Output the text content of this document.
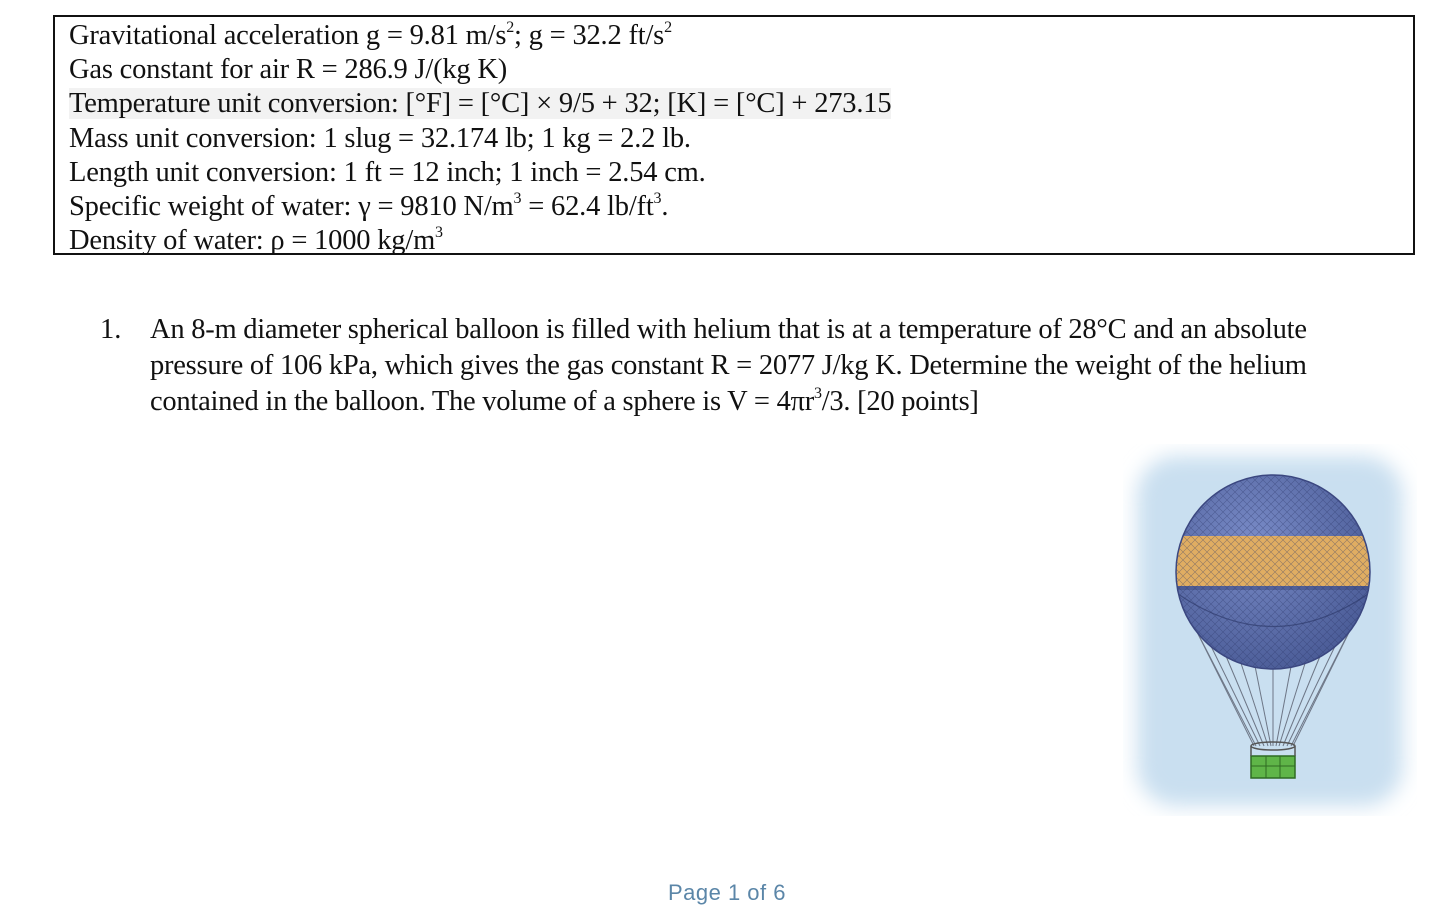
Gravitational acceleration g = 9.81 $m/s^2$; g = 32.2 $ft/s^2$
Gas constant for air R = 286.9 J/(kg K)
Temperature unit conversion: [°F] = [°C] × 9/5 + 32; [K] = [°C] + 273.15
Mass unit conversion: 1 slug = 32.174 lb; 1 kg = 2.2 lb.
Length unit conversion: 1 ft = 12 inch; 1 inch = 2.54 cm.
Specific weight of water: γ = 9810 $N/m^3 = 62.4$ $lb/ft^3$.
Density of water: ρ = 1000 $kg/m^3$
1. An 8-m diameter spherical balloon is filled with helium that is at a temperature of 28°C and an absolute pressure of 106 kPa, which gives the gas constant R = 2077 J/kg K. Determine the weight of the helium contained in the balloon. The volume of a sphere is $V = 4\pi r^3/3$. [20 points]
Page 1 of 6
